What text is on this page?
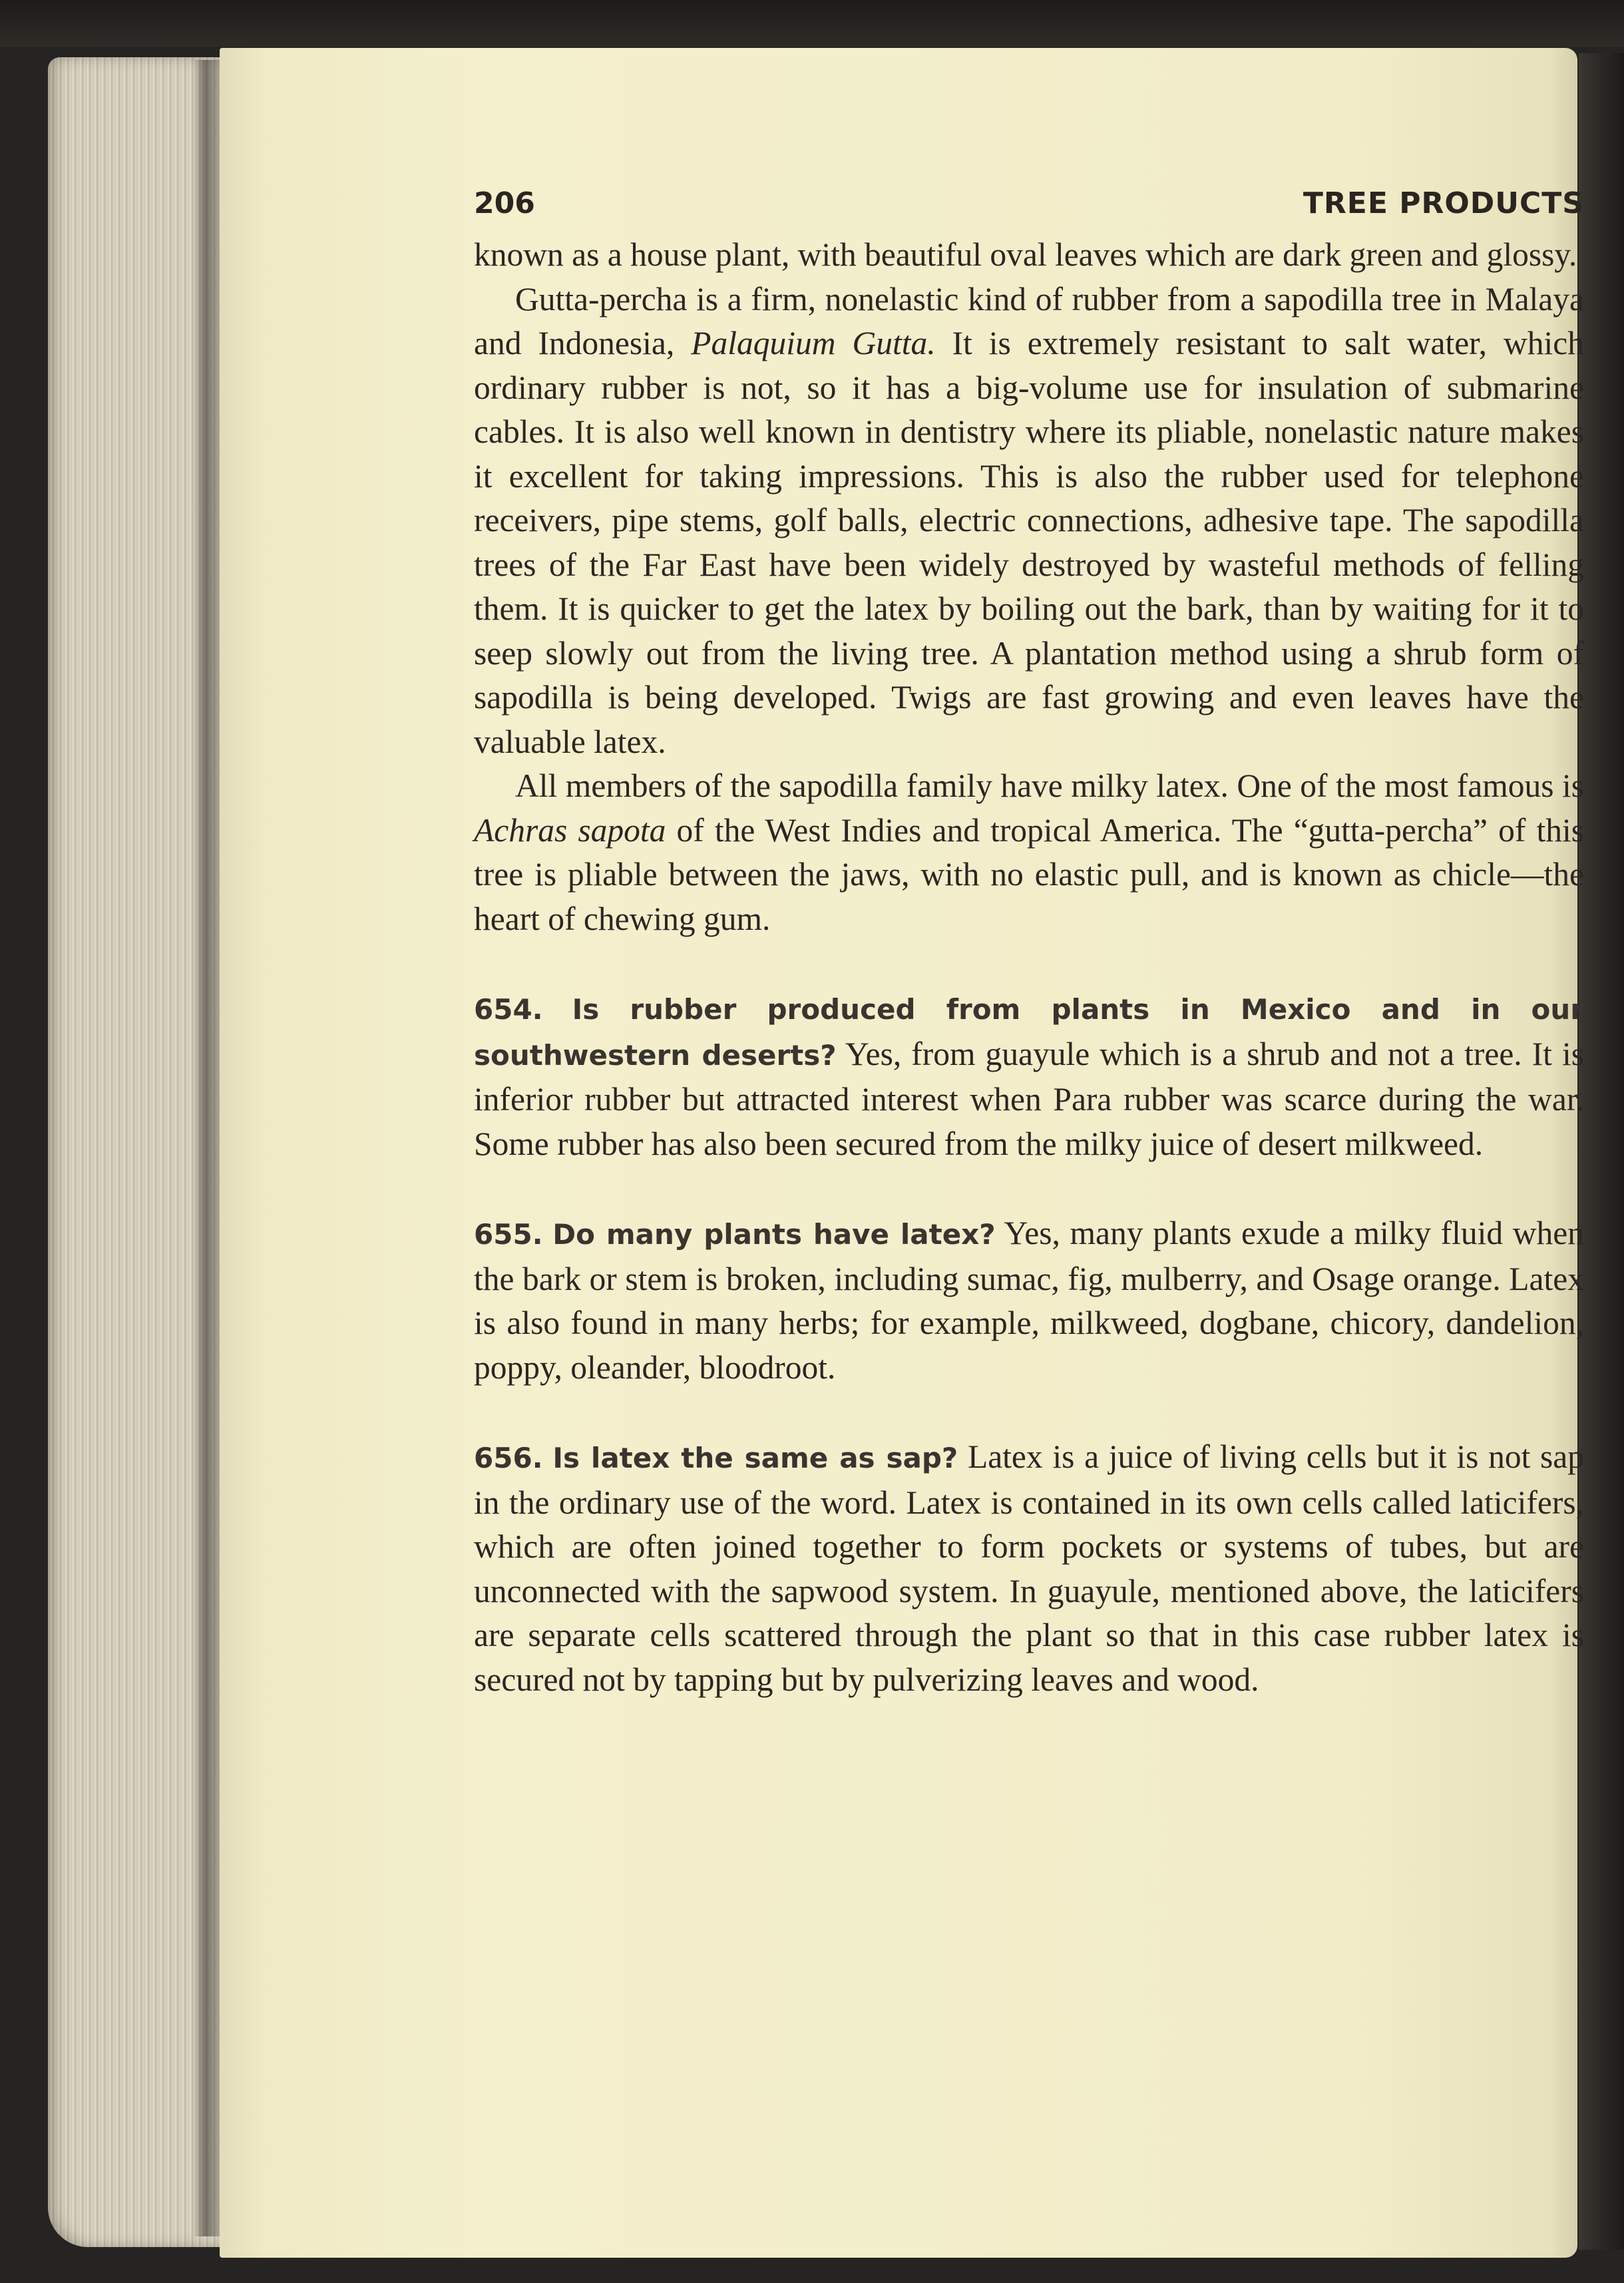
206	TREE PRODUCTS

known as a house plant, with beautiful oval leaves which are dark green and glossy.

Gutta-percha is a firm, nonelastic kind of rubber from a sapodilla tree in Malaya and Indonesia, Palaquium Gutta. It is extremely resistant to salt water, which ordinary rubber is not, so it has a big-volume use for insulation of submarine cables. It is also well known in dentistry where its pliable, nonelastic nature makes it excellent for taking impressions. This is also the rubber used for telephone receivers, pipe stems, golf balls, electric connections, adhesive tape. The sapodilla trees of the Far East have been widely destroyed by wasteful methods of felling them. It is quicker to get the latex by boiling out the bark, than by waiting for it to seep slowly out from the living tree. A plantation method using a shrub form of sapodilla is being developed. Twigs are fast growing and even leaves have the valuable latex.

All members of the sapodilla family have milky latex. One of the most famous is Achras sapota of the West Indies and tropical America. The “gutta-percha” of this tree is pliable between the jaws, with no elastic pull, and is known as chicle—the heart of chewing gum.

654. Is rubber produced from plants in Mexico and in our southwestern deserts? Yes, from guayule which is a shrub and not a tree. It is inferior rubber but attracted interest when Para rubber was scarce during the war. Some rubber has also been secured from the milky juice of desert milkweed.

655. Do many plants have latex? Yes, many plants exude a milky fluid when the bark or stem is broken, including sumac, fig, mulberry, and Osage orange. Latex is also found in many herbs; for example, milkweed, dogbane, chicory, dandelion, poppy, oleander, bloodroot.

656. Is latex the same as sap? Latex is a juice of living cells but it is not sap in the ordinary use of the word. Latex is contained in its own cells called laticifers, which are often joined together to form pockets or systems of tubes, but are unconnected with the sapwood system. In guayule, mentioned above, the laticifers are separate cells scattered through the plant so that in this case rubber latex is secured not by tapping but by pulverizing leaves and wood.
